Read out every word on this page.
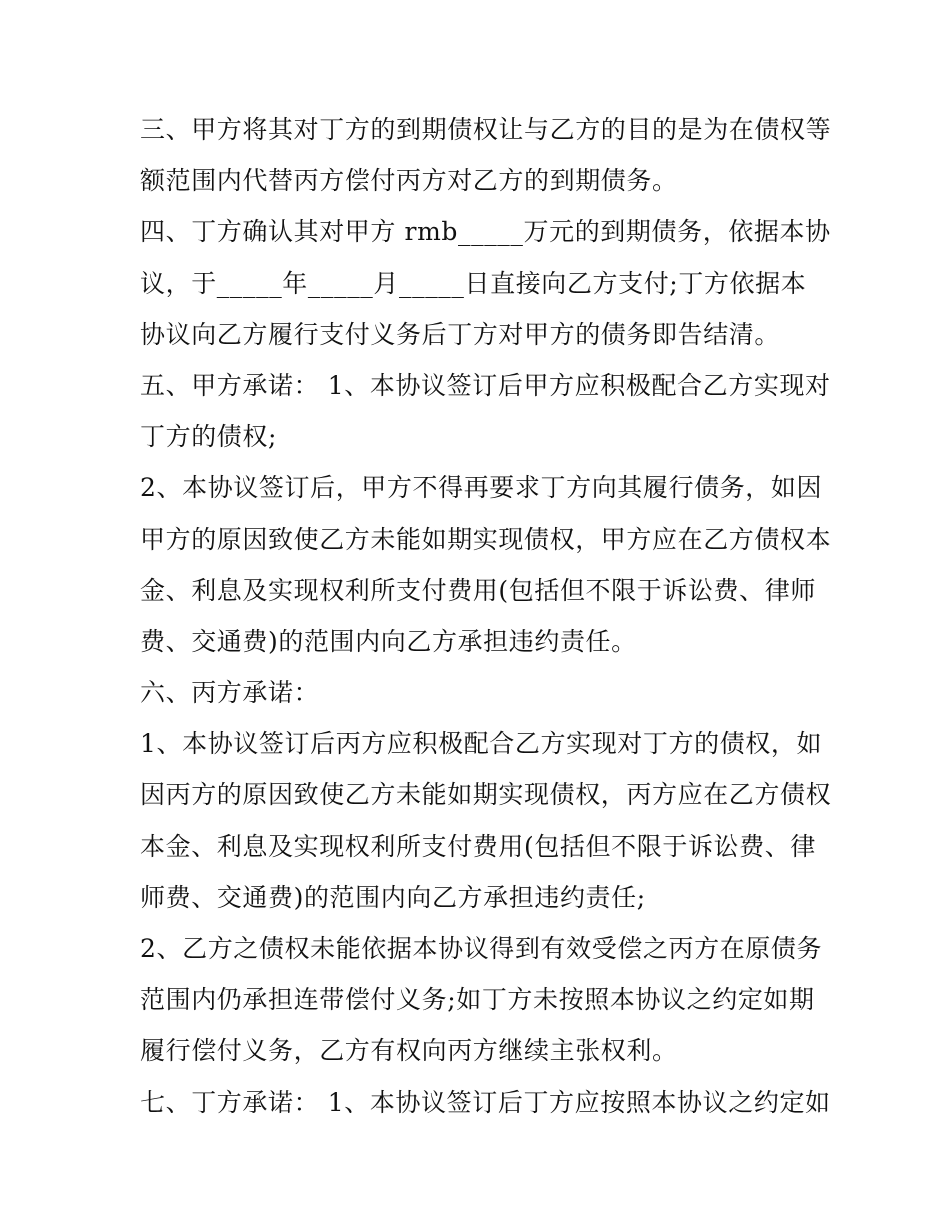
三、甲方将其对丁方的到期债权让与乙方的目的是为在债权等
额范围内代替丙方偿付丙方对乙方的到期债务。
四、丁方确认其对甲方 rmb_____万元的到期债务，依据本协
议，于_____年_____月_____日直接向乙方支付;丁方依据本
协议向乙方履行支付义务后丁方对甲方的债务即告结清。
五、甲方承诺： 1、本协议签订后甲方应积极配合乙方实现对
丁方的债权;
2、本协议签订后，甲方不得再要求丁方向其履行债务，如因
甲方的原因致使乙方未能如期实现债权，甲方应在乙方债权本
金、利息及实现权利所支付费用(包括但不限于诉讼费、律师
费、交通费)的范围内向乙方承担违约责任。
六、丙方承诺：
1、本协议签订后丙方应积极配合乙方实现对丁方的债权，如
因丙方的原因致使乙方未能如期实现债权，丙方应在乙方债权
本金、利息及实现权利所支付费用(包括但不限于诉讼费、律
师费、交通费)的范围内向乙方承担违约责任;
2、乙方之债权未能依据本协议得到有效受偿之丙方在原债务
范围内仍承担连带偿付义务;如丁方未按照本协议之约定如期
履行偿付义务，乙方有权向丙方继续主张权利。
七、丁方承诺： 1、本协议签订后丁方应按照本协议之约定如
